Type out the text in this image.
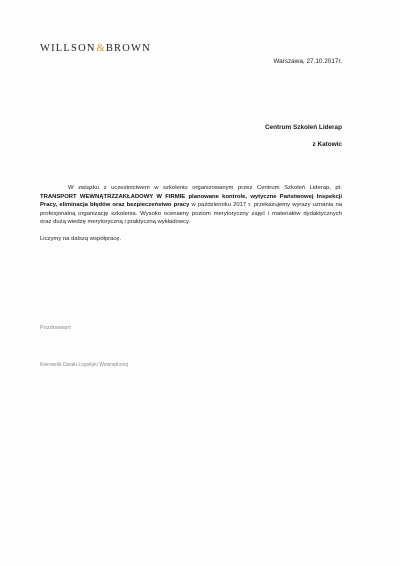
WILLSON&BROWN
Warszawa, 27.10.2017r.
Centrum Szkoleń Liderap
z Katowic

W związku z uczestnictwem w szkoleniu organizowanym przez Centrum Szkoleń Liderap, pt. TRANSPORT WEWNĄTRZZAKŁADOWY W FIRMIE planowane kontrole, wytyczne Państwowej Inspekcji Pracy, eliminacja błędów oraz bezpieczeństwo pracy w październiku 2017 r. przekazujemy wyrazy uznania na profesjonalną organizację szkolenia. Wysoko oceniamy poziom merytoryczny zajęć i materiałów dydaktycznych oraz dużą wiedzę merytoryczną i praktyczną wykładowcy.

Liczymy na dalszą współpracę.

Pozdrawiam
Kierownik Działu Logistyki Wewnętrznej
